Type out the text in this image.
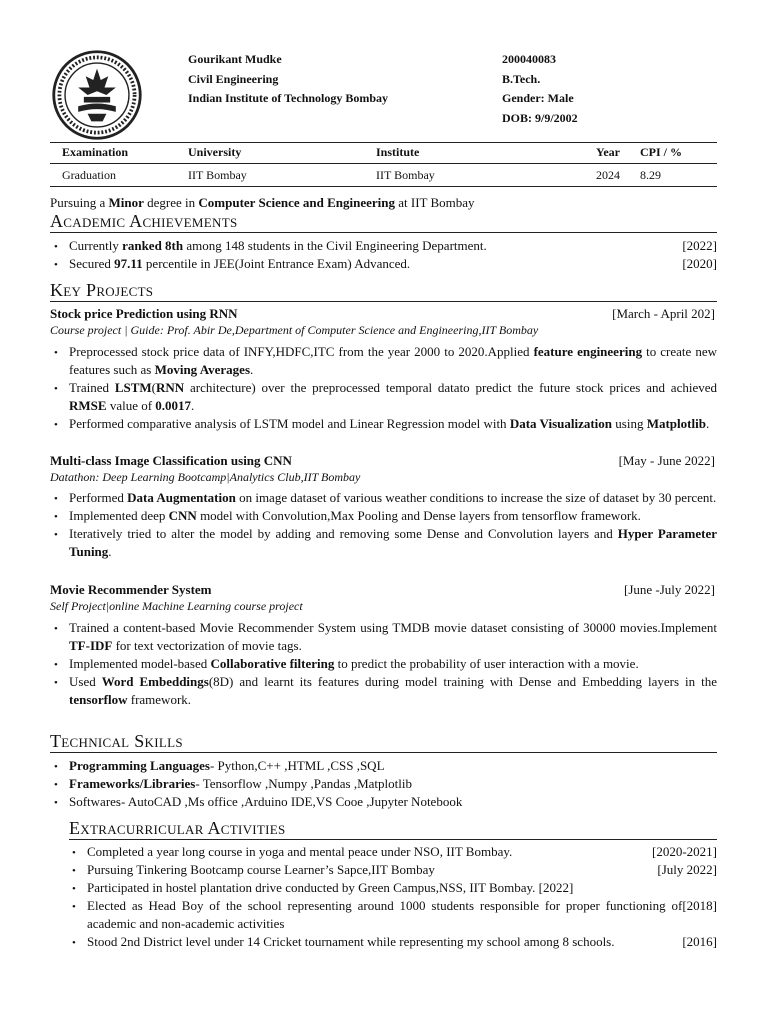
Gourikant Mudke
Civil Engineering
Indian Institute of Technology Bombay
200040083
B.Tech.
Gender: Male
DOB: 9/9/2002
Examination	University	Institute	Year	CPI / %
Graduation	IIT Bombay	IIT Bombay	2024	8.29
Pursuing a Minor degree in Computer Science and Engineering at IIT Bombay
Academic Achievements
• [2022]
Currently ranked 8th among 148 students in the Civil Engineering Department.
• [2020]
Secured 97.11 percentile in JEE(Joint Entrance Exam) Advanced.
Key Projects
Stock price Prediction using RNN	[March - April 202]
Course project | Guide: Prof. Abir De,Department of Computer Science and Engineering,IIT Bombay
• Preprocessed stock price data of INFY,HDFC,ITC from the year 2000 to 2020.Applied feature engineering to create new features such as Moving Averages.
• Trained LSTM(RNN architecture) over the preprocessed temporal datato predict the future stock prices and achieved RMSE value of 0.0017.
• Performed comparative analysis of LSTM model and Linear Regression model with Data Visualization using Matplotlib.
Multi-class Image Classification using CNN	[May - June 2022]
Datathon: Deep Learning Bootcamp|Analytics Club,IIT Bombay
• Performed Data Augmentation on image dataset of various weather conditions to increase the size of dataset by 30 percent.
• Implemented deep CNN model with Convolution,Max Pooling and Dense layers from tensorflow framework.
• Iteratively tried to alter the model by adding and removing some Dense and Convolution layers and Hyper Parameter Tuning.
Movie Recommender System	[June -July 2022]
Self Project|online Machine Learning course project
• Trained a content-based Movie Recommender System using TMDB movie dataset consisting of 30000 movies.Implement TF-IDF for text vectorization of movie tags.
• Implemented model-based Collaborative filtering to predict the probability of user interaction with a movie.
• Used Word Embeddings(8D) and learnt its features during model training with Dense and Embedding layers in the tensorflow framework.
Technical Skills
• Programming Languages- Python,C++ ,HTML ,CSS ,SQL
• Frameworks/Libraries- Tensorflow ,Numpy ,Pandas ,Matplotlib
• Softwares- AutoCAD ,Ms office ,Arduino IDE,VS Cooe ,Jupyter Notebook
Extracurricular Activities
• [2020-2021]
Completed a year long course in yoga and mental peace under NSO, IIT Bombay.
• [July 2022]
Pursuing Tinkering Bootcamp course Learner’s Sapce,IIT Bombay
• Participated in hostel plantation drive conducted by Green Campus,NSS, IIT Bombay. [2022]
• [2018]
Elected as Head Boy of the school representing around 1000 students responsible for proper functioning of academic and non-academic activities
• [2016]
Stood 2nd District level under 14 Cricket tournament while representing my school among 8 schools.
